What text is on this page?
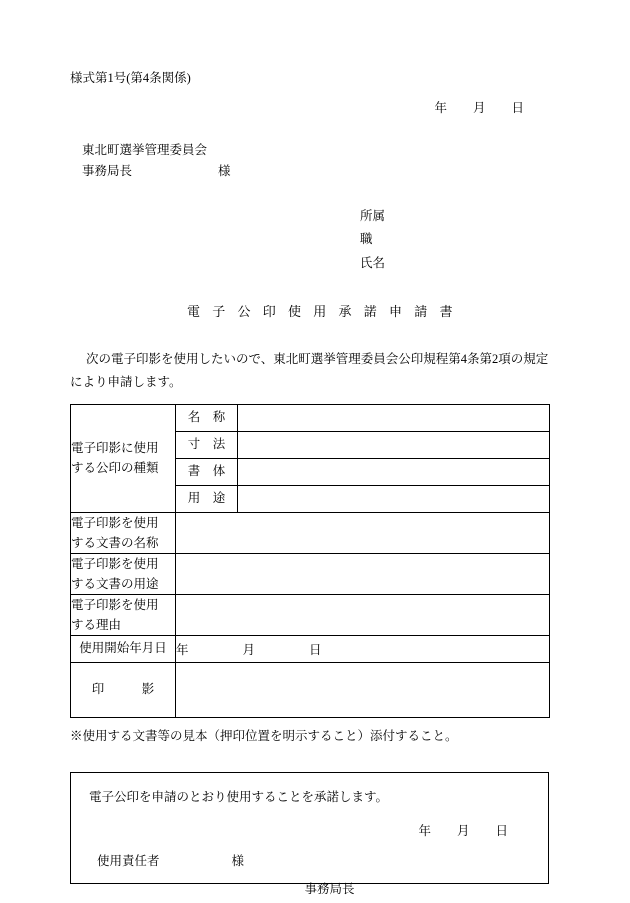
様式第1号(第4条関係)
年 月 日
東北町選挙管理委員会
事務局長	様
所属
職
氏名
電 子 公 印 使 用 承 諾 申 請 書
次の電子印影を使用したいので、東北町選挙管理委員会公印規程第4条第2項の規定により申請します。
電子印影に使用
する公印の種類	名　称	
	寸　法	
	書　体	
	用　途	

電子印影を使用
する文書の名称		

電子印影を使用
する文書の用途		

電子印影を使用
する理由		

使用開始年月日	年 月 日	
印　　　影		
※使用する文書等の見本（押印位置を明示すること）添付すること。
電子公印を申請のとおり使用することを承諾します。
年 月 日
使用責任者	様
事務局長
